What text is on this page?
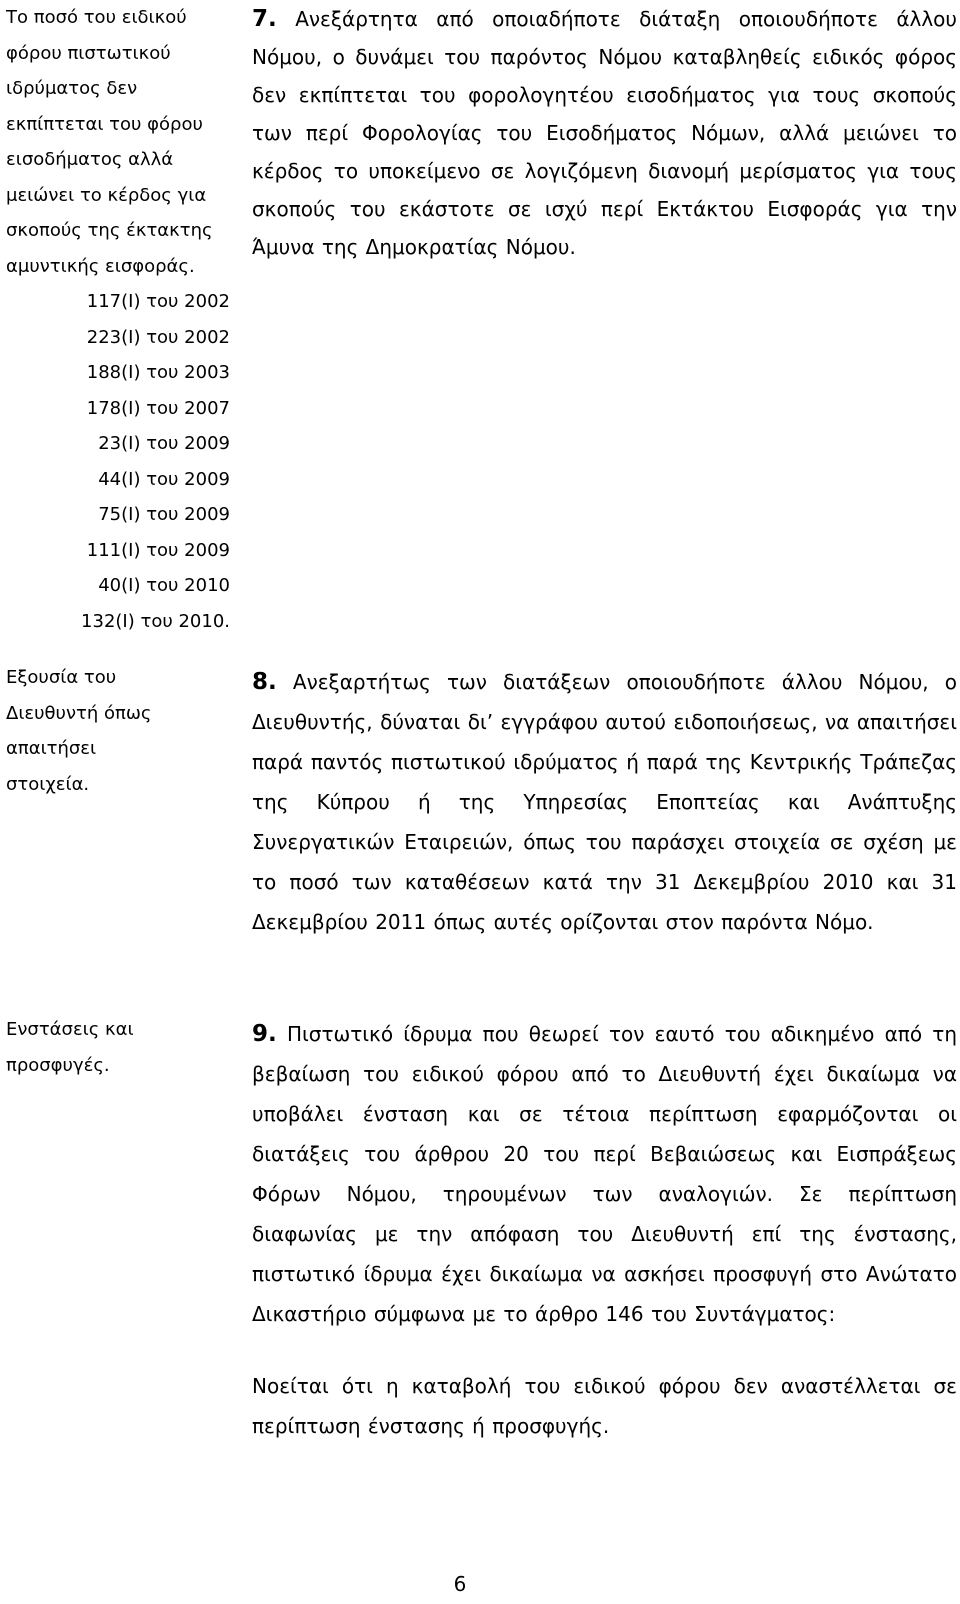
Το ποσό του ειδικού φόρου πιστωτικού ιδρύματος δεν εκπίπτεται του φόρου εισοδήματος αλλά μειώνει το κέρδος για σκοπούς της έκτακτης αμυντικής εισφοράς.

117(Ι) του 2002
223(Ι) του 2002
188(Ι) του 2003
178(Ι) του 2007
23(Ι) του 2009
44(Ι) του 2009
75(Ι) του 2009
111(Ι) του 2009
40(Ι) του 2010
132(Ι) του 2010.

7. Ανεξάρτητα από οποιαδήποτε διάταξη οποιουδήποτε άλλου Νόμου, ο δυνάμει του παρόντος Νόμου καταβληθείς ειδικός φόρος δεν εκπίπτεται του φορολογητέου εισοδήματος για τους σκοπούς των περί Φορολογίας του Εισοδήματος Νόμων, αλλά μειώνει το κέρδος το υποκείμενο σε λογιζόμενη διανομή μερίσματος για τους σκοπούς του εκάστοτε σε ισχύ περί Εκτάκτου Εισφοράς για την Άμυνα της Δημοκρατίας Νόμου.

Εξουσία του Διευθυντή όπως απαιτήσει στοιχεία.

8. Ανεξαρτήτως των διατάξεων οποιουδήποτε άλλου Νόμου, ο Διευθυντής, δύναται δι’ εγγράφου αυτού ειδοποιήσεως, να απαιτήσει παρά παντός πιστωτικού ιδρύματος ή παρά της Κεντρικής Τράπεζας της Κύπρου ή της Υπηρεσίας Εποπτείας και Ανάπτυξης Συνεργατικών Εταιρειών, όπως του παράσχει στοιχεία σε σχέση με το ποσό των καταθέσεων κατά την 31 Δεκεμβρίου 2010 και 31 Δεκεμβρίου 2011 όπως αυτές ορίζονται στον παρόντα Νόμο.

Ενστάσεις και προσφυγές.

9. Πιστωτικό ίδρυμα που θεωρεί τον εαυτό του αδικημένο από τη βεβαίωση του ειδικού φόρου από το Διευθυντή έχει δικαίωμα να υποβάλει ένσταση και σε τέτοια περίπτωση εφαρμόζονται οι διατάξεις του άρθρου 20 του περί Βεβαιώσεως και Εισπράξεως Φόρων Νόμου, τηρουμένων των αναλογιών. Σε περίπτωση διαφωνίας με την απόφαση του Διευθυντή επί της ένστασης, πιστωτικό ίδρυμα έχει δικαίωμα να ασκήσει προσφυγή στο Ανώτατο Δικαστήριο σύμφωνα με το άρθρο 146 του Συντάγματος:

Νοείται ότι η καταβολή του ειδικού φόρου δεν αναστέλλεται σε περίπτωση ένστασης ή προσφυγής.

6
